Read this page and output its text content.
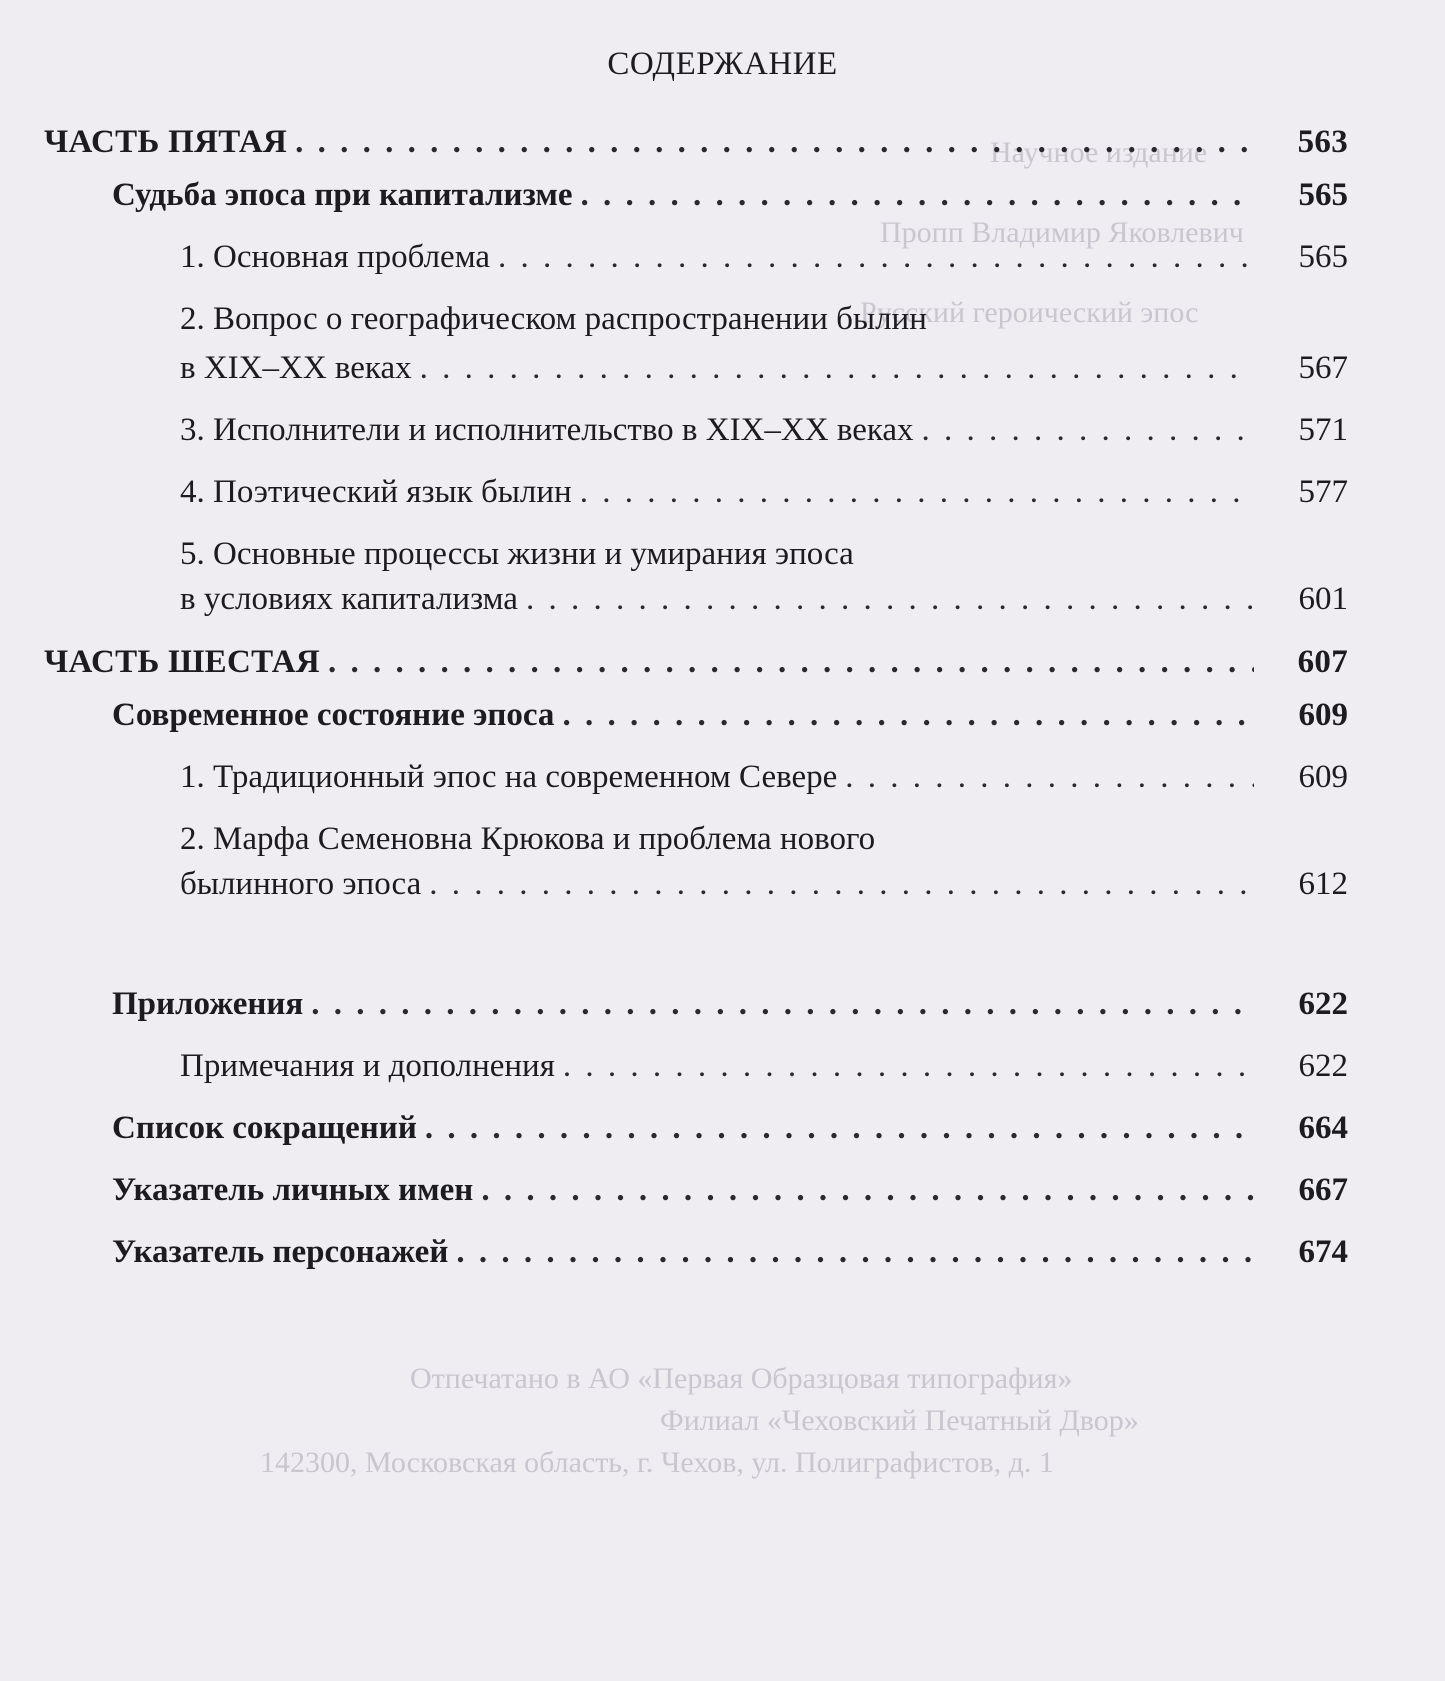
Научное издание
Пропп Владимир Яковлевич
Русский героический эпос
СОДЕРЖАНИЕ
ЧАСТЬ ПЯТАЯ . . .	563
Судьба эпоса при капитализме . . .	565
1. Основная проблема . . .	565
2. Вопрос о географическом распространении былин
в XIX–XX веках . . .	567
3. Исполнители и исполнительство в XIX–XX веках . . .	571
4. Поэтический язык былин . . .	577
5. Основные процессы жизни и умирания эпоса
в условиях капитализма . . .	601
ЧАСТЬ ШЕСТАЯ . . .	607
Современное состояние эпоса . . .	609
1. Традиционный эпос на современном Севере . . .	609
2. Марфа Семеновна Крюкова и проблема нового
былинного эпоса . . .	612
Приложения . . .	622
Примечания и дополнения . . .	622
Список сокращений . . .	664
Указатель личных имен . . .	667
Указатель персонажей . . .	674
Отпечатано в АО «Первая Образцовая типография»
Филиал «Чеховский Печатный Двор»
142300, Московская область, г. Чехов, ул. Полиграфистов, д. 1
